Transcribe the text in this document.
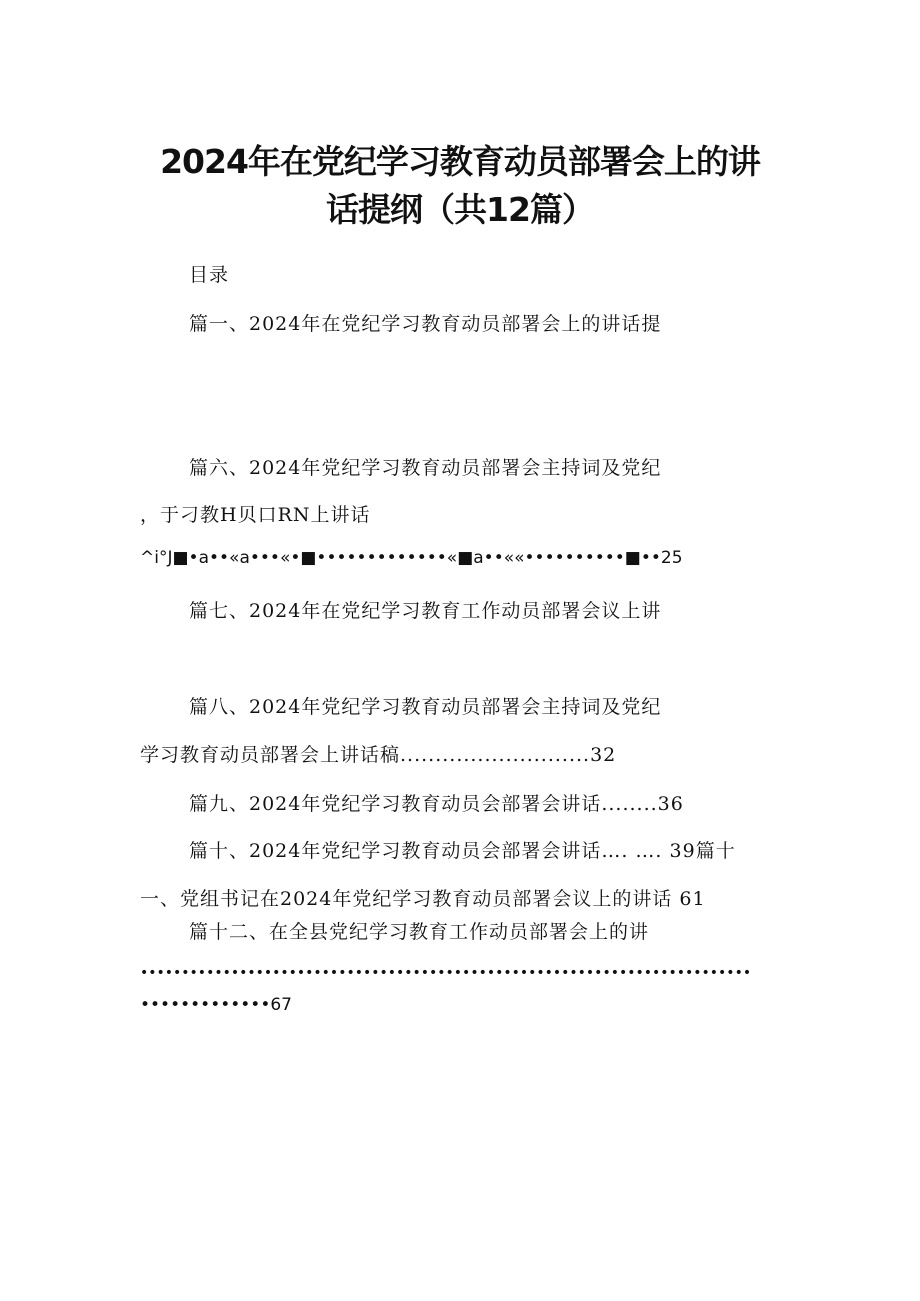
2024年在党纪学习教育动员部署会上的讲
话提纲（共12篇）
目录
篇一、2024年在党纪学习教育动员部署会上的讲话提
篇六、2024年党纪学习教育动员部署会主持词及党纪
，于刁教H贝口RN上讲话
^i°J■•a••«a•••«•■•••••••••••••«■a••««••••••••••■••25
篇七、2024年在党纪学习教育工作动员部署会议上讲
篇八、2024年党纪学习教育动员部署会主持词及党纪
学习教育动员部署会上讲话稿...........................32
篇九、2024年党纪学习教育动员会部署会讲话........36
篇十、2024年党纪学习教育动员会部署会讲话…. …. 39篇十
一、党组书记在2024年党纪学习教育动员部署会议上的讲话 61
篇十二、在全县党纪学习教育工作动员部署会上的讲
••••••••••••••••••••••••••••••••••••••••••••••••••••••••••••••••••••••••••
•••••••••••••67
